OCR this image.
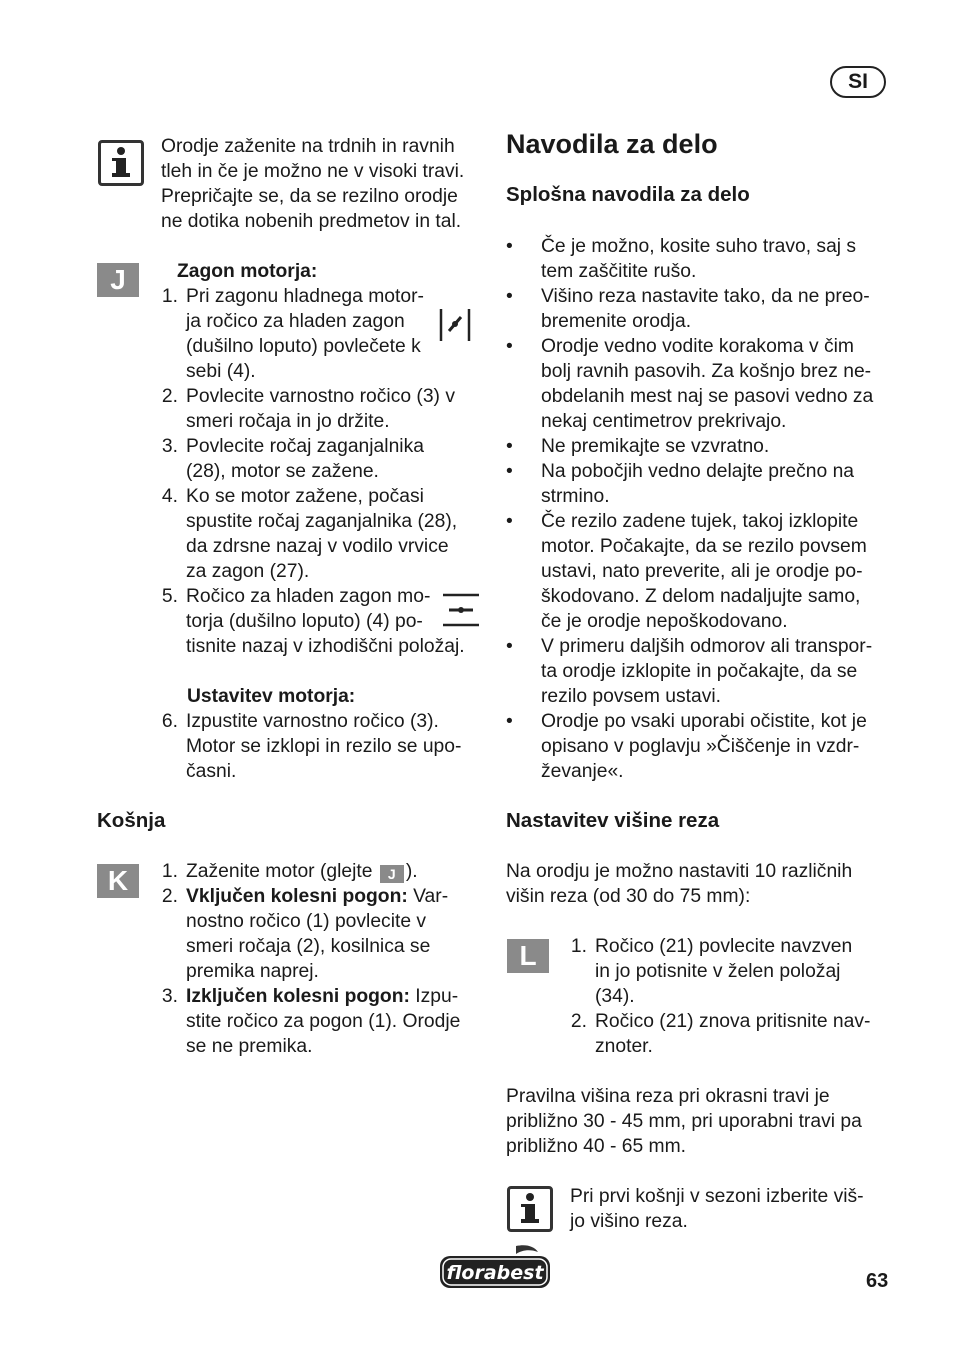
SI
Orodje zaženite na trdnih in ravnih
tleh in če je možno ne v visoki travi.
Prepričajte se, da se rezilno orodje
ne dotika nobenih predmetov in tal.
J	Zagon motorja:
1. Pri zagonu hladnega motor-
ja ročico za hladen zagon
(dušilno loputo) povlečete k
sebi (4).
2. Povlecite varnostno ročico (3) v
smeri ročaja in jo držite.
3. Povlecite ročaj zaganjalnika
(28), motor se zažene.
4. Ko se motor zažene, počasi
spustite ročaj zaganjalnika (28),
da zdrsne nazaj v vodilo vrvice
za zagon (27).
5. Ročico za hladen zagon mo-
torja (dušilno loputo) (4) po-
tisnite nazaj v izhodiščni položaj.
Ustavitev motorja:
6. Izpustite varnostno ročico (3).
Motor se izklopi in rezilo se upo-
časni.
Košnja
K	1. Zaženite motor (glejte J ).
2. Vključen kolesni pogon: Var-
nostno ročico (1) povlecite v
smeri ročaja (2), kosilnica se
premika naprej.
3. Izključen kolesni pogon: Izpu-
stite ročico za pogon (1). Orodje
se ne premika.
Navodila za delo
Splošna navodila za delo
• Če je možno, kosite suho travo, saj s
tem zaščitite rušo.
• Višino reza nastavite tako, da ne preo-
bremenite orodja.
• Orodje vedno vodite korakoma v čim
bolj ravnih pasovih. Za košnjo brez ne-
obdelanih mest naj se pasovi vedno za
nekaj centimetrov prekrivajo.
• Ne premikajte se vzvratno.
• Na pobočjih vedno delajte prečno na
strmino.
• Če rezilo zadene tujek, takoj izklopite
motor. Počakajte, da se rezilo povsem
ustavi, nato preverite, ali je orodje po-
škodovano. Z delom nadaljujte samo,
če je orodje nepoškodovano.
• V primeru daljših odmorov ali transpor-
ta orodje izklopite in počakajte, da se
rezilo povsem ustavi.
• Orodje po vsaki uporabi očistite, kot je
opisano v poglavju »Čiščenje in vzdr-
ževanje«.
Nastavitev višine reza
Na orodju je možno nastaviti 10 različnih
višin reza (od 30 do 75 mm):
L	1. Ročico (21) povlecite navzven
in jo potisnite v želen položaj
(34).
2. Ročico (21) znova pritisnite nav-
znoter.
Pravilna višina reza pri okrasni travi je
približno 30 - 45 mm, pri uporabni travi pa
približno 40 - 65 mm.
Pri prvi košnji v sezoni izberite viš-
jo višino reza.
florabest	63
